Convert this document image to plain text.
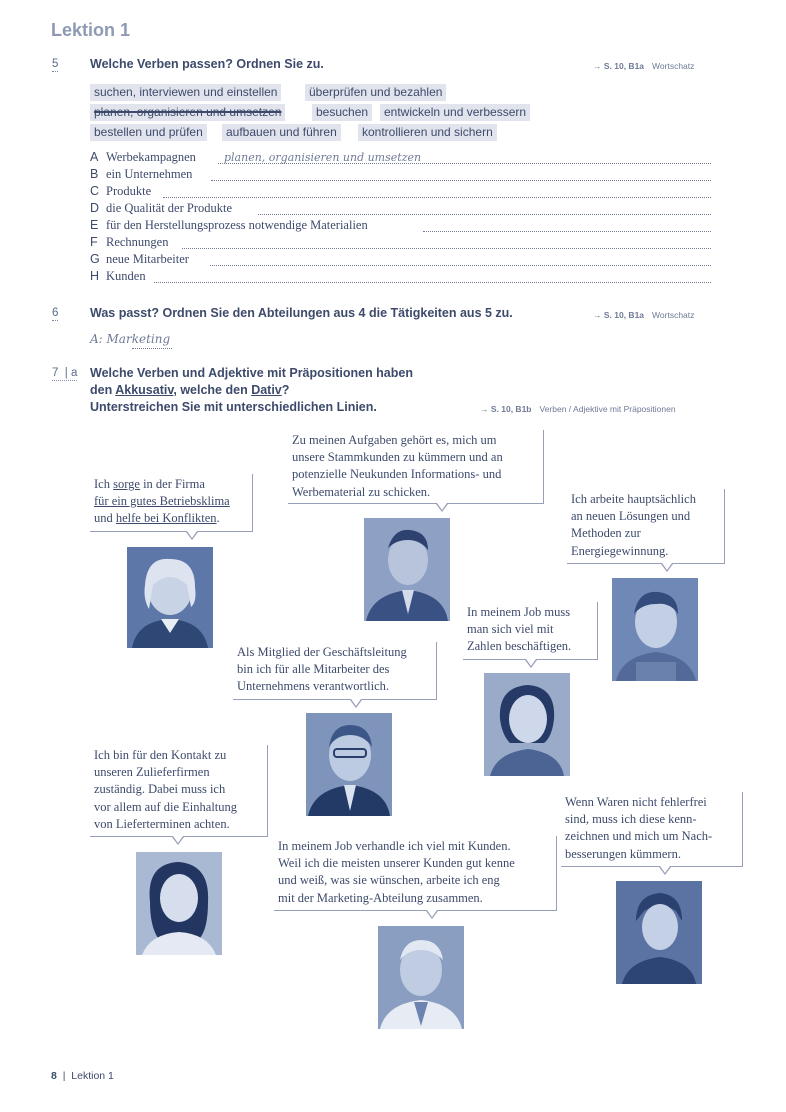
Lektion 1
5	Welche Verben passen? Ordnen Sie zu.	→ S. 10, B1a Wortschatz
suchen, interviewen und einstellen	überprüfen und bezahlen
planen, organisieren und umsetzen	besuchen	entwickeln und verbessern
bestellen und prüfen	aufbauen und führen	kontrollieren und sichern
A Werbekampagnen	planen, organisieren und umsetzen
B ein Unternehmen
C Produkte
D die Qualität der Produkte
E für den Herstellungsprozess notwendige Materialien
F Rechnungen
G neue Mitarbeiter
H Kunden
6	Was passt? Ordnen Sie den Abteilungen aus 4 die Tätigkeiten aus 5 zu.	→ S. 10, B1a Wortschatz
A: Marketing
7  | a Welche Verben und Adjektive mit Präpositionen haben
den Akkusativ, welche den Dativ?
Unterstreichen Sie mit unterschiedlichen Linien.	→ S. 10, B1b Verben / Adjektive mit Präpositionen
Ich sorge in der Firma
für ein gutes Betriebsklima
und helfe bei Konflikten.
Zu meinen Aufgaben gehört es, mich um
unsere Stammkunden zu kümmern und an
potenzielle Neukunden Informations- und
Werbematerial zu schicken.
Ich arbeite hauptsächlich
an neuen Lösungen und
Methoden zur
Energiegewinnung.
In meinem Job muss
man sich viel mit
Zahlen beschäftigen.
Als Mitglied der Geschäftsleitung
bin ich für alle Mitarbeiter des
Unternehmens verantwortlich.
Ich bin für den Kontakt zu
unseren Zulieferfirmen
zuständig. Dabei muss ich
vor allem auf die Einhaltung
von Lieferterminen achten.
Wenn Waren nicht fehlerfrei
sind, muss ich diese kenn-
zeichnen und mich um Nach-
besserungen kümmern.
In meinem Job verhandle ich viel mit Kunden.
Weil ich die meisten unserer Kunden gut kenne
und weiß, was sie wünschen, arbeite ich eng
mit der Marketing-Abteilung zusammen.
8 | Lektion 1
